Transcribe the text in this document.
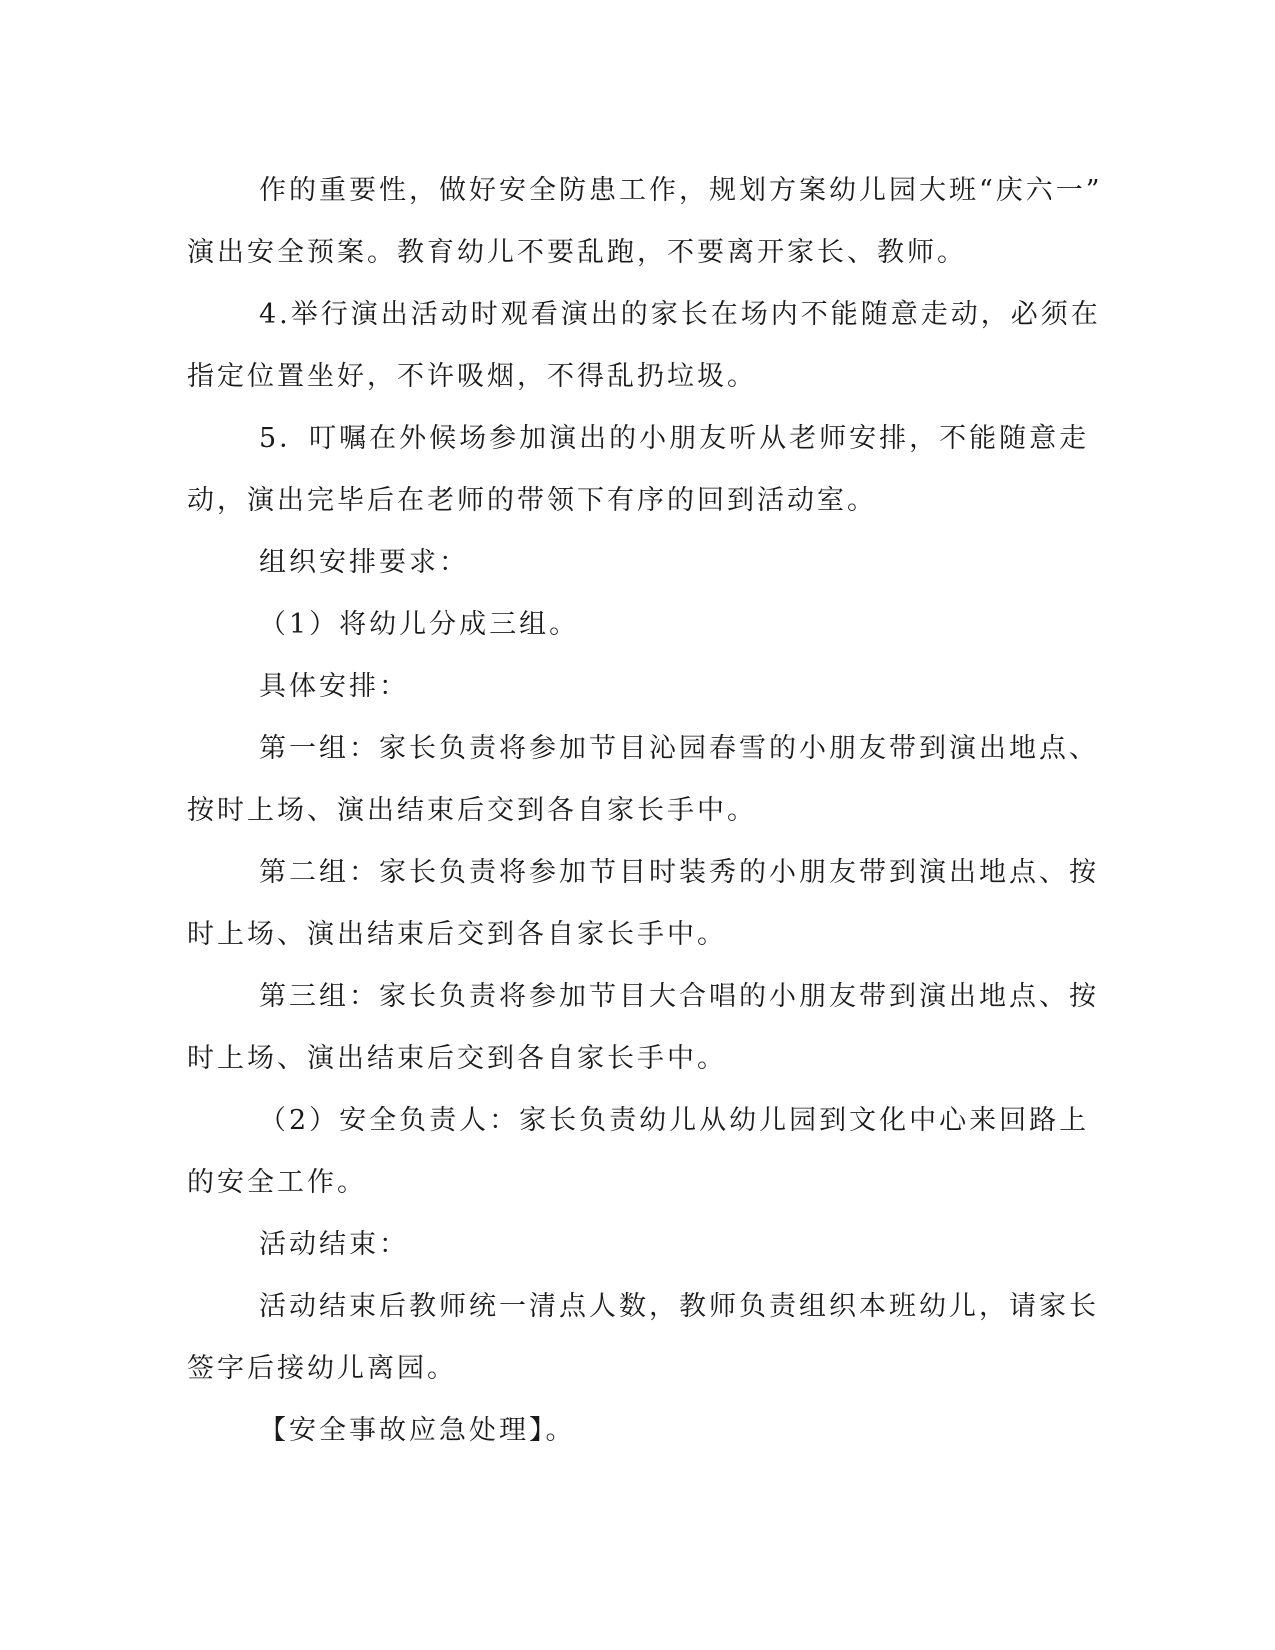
作的重要性，做好安全防患工作，规划方案幼儿园大班“庆六一”
演出安全预案。教育幼儿不要乱跑，不要离开家长、教师。
4.举行演出活动时观看演出的家长在场内不能随意走动，必须在
指定位置坐好，不许吸烟，不得乱扔垃圾。
5．叮嘱在外候场参加演出的小朋友听从老师安排，不能随意走
动，演出完毕后在老师的带领下有序的回到活动室。
组织安排要求：
（1）将幼儿分成三组。
具体安排：
第一组：家长负责将参加节目沁园春雪的小朋友带到演出地点、
按时上场、演出结束后交到各自家长手中。
第二组：家长负责将参加节目时装秀的小朋友带到演出地点、按
时上场、演出结束后交到各自家长手中。
第三组：家长负责将参加节目大合唱的小朋友带到演出地点、按
时上场、演出结束后交到各自家长手中。
（2）安全负责人：家长负责幼儿从幼儿园到文化中心来回路上
的安全工作。
活动结束：
活动结束后教师统一清点人数，教师负责组织本班幼儿，请家长
签字后接幼儿离园。
【安全事故应急处理】。
